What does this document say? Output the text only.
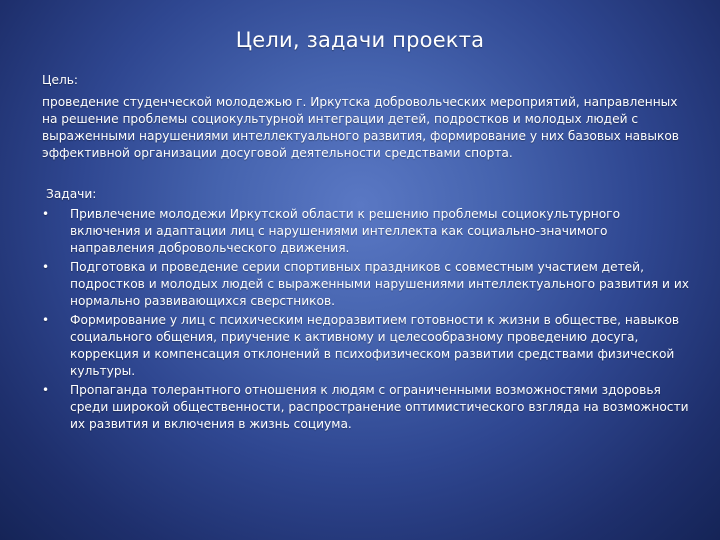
Цели, задачи проекта

Цель:

проведение студенческой молодежью г. Иркутска добровольческих мероприятий, направленных на решение проблемы социокультурной интеграции детей, подростков и молодых людей с выраженными нарушениями интеллектуального развития, формирование у них базовых навыков эффективной организации досуговой деятельности средствами спорта.

Задачи:

•	Привлечение молодежи Иркутской области к решению проблемы социокультурного включения и адаптации лиц с нарушениями интеллекта как социально-значимого направления добровольческого движения.
•	Подготовка и проведение серии спортивных праздников с совместным участием детей, подростков и молодых людей с выраженными нарушениями интеллектуального развития и их нормально развивающихся сверстников.
•	Формирование у лиц с психическим недоразвитием готовности к жизни в обществе, навыков социального общения, приучение к активному и целесообразному проведению досуга, коррекция и компенсация отклонений в психофизическом развитии средствами физической культуры.
•	Пропаганда толерантного отношения к людям с ограниченными возможностями здоровья среди широкой общественности, распространение оптимистического взгляда на возможности их развития и включения в жизнь социума.
